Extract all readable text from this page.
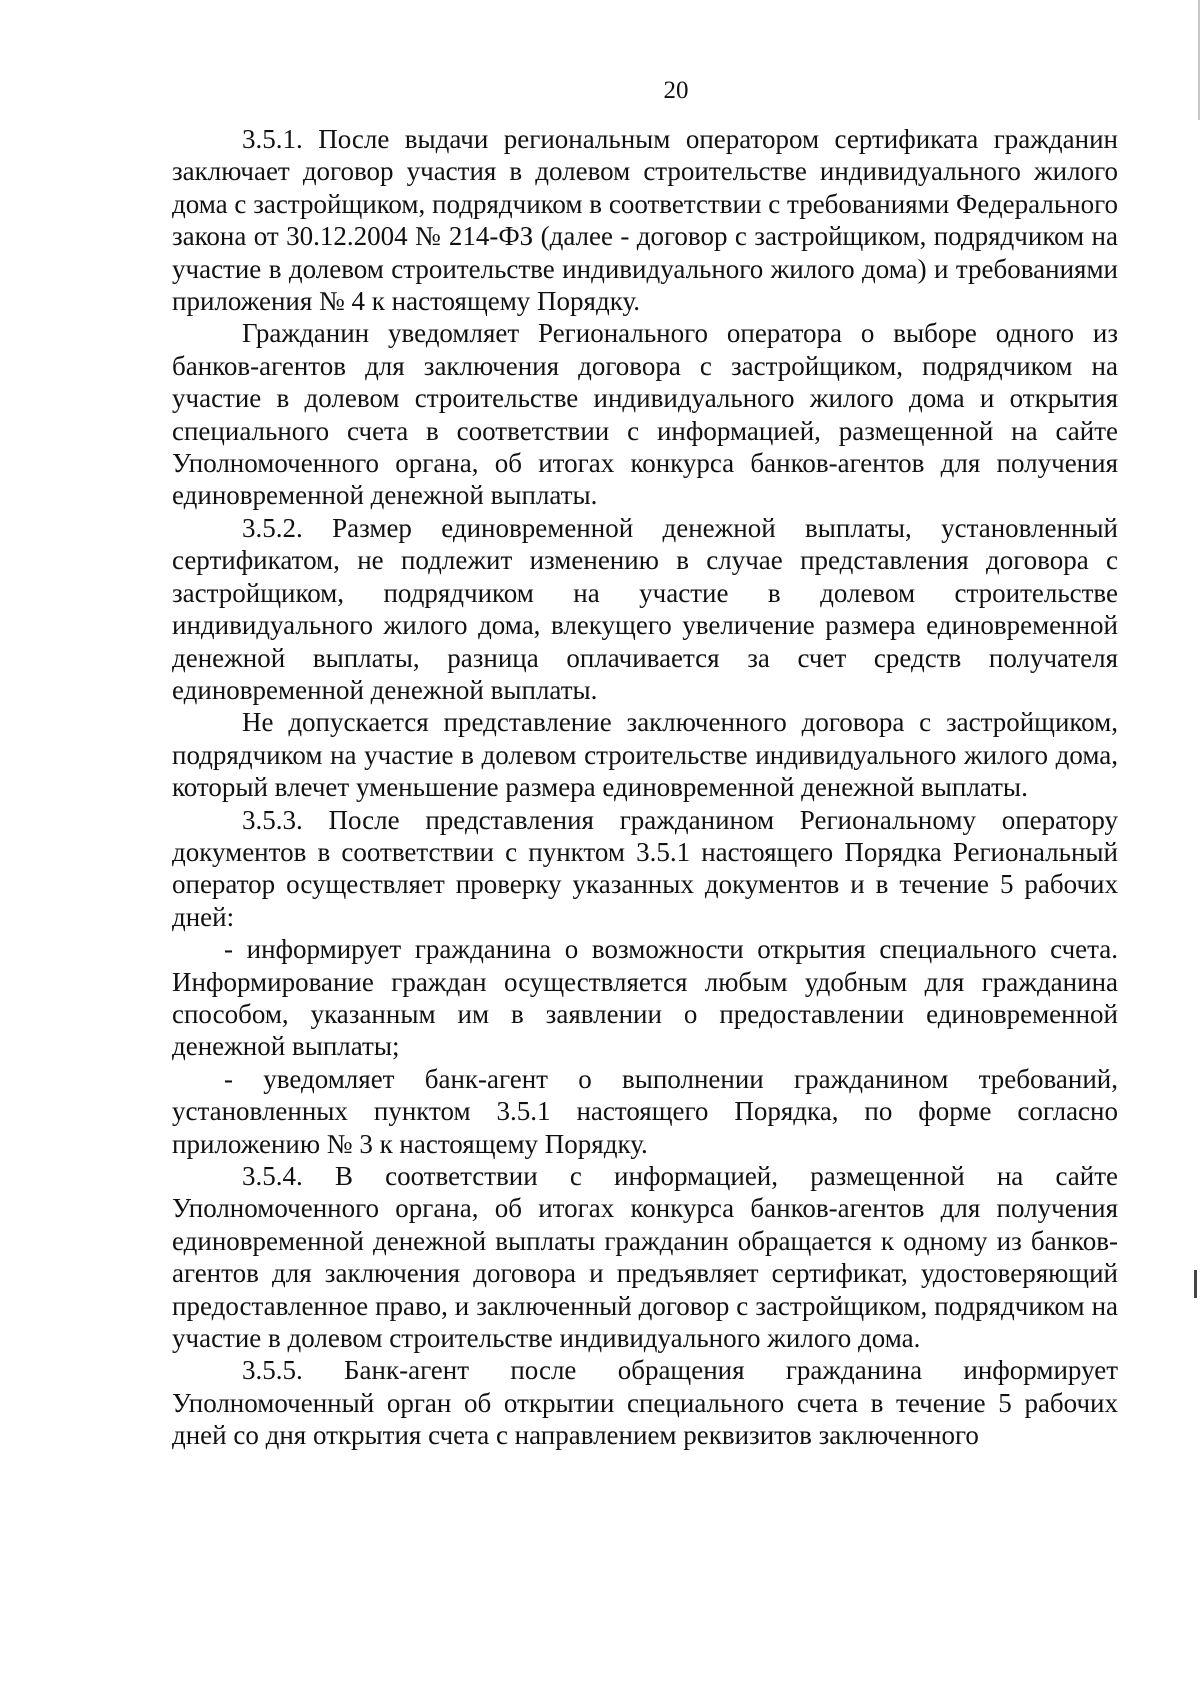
20

3.5.1. После выдачи региональным оператором сертификата гражданин заключает договор участия в долевом строительстве индивидуального жилого дома с застройщиком, подрядчиком в соответствии с требованиями Федерального закона от 30.12.2004 № 214-ФЗ (далее - договор с застройщиком, подрядчиком на участие в долевом строительстве индивидуального жилого дома) и требованиями приложения № 4 к настоящему Порядку.

Гражданин уведомляет Регионального оператора о выборе одного из банков-агентов для заключения договора с застройщиком, подрядчиком на участие в долевом строительстве индивидуального жилого дома и открытия специального счета в соответствии с информацией, размещенной на сайте Уполномоченного органа, об итогах конкурса банков-агентов для получения единовременной денежной выплаты.

3.5.2. Размер единовременной денежной выплаты, установленный сертификатом, не подлежит изменению в случае представления договора с застройщиком, подрядчиком на участие в долевом строительстве индивидуального жилого дома, влекущего увеличение размера единовременной денежной выплаты, разница оплачивается за счет средств получателя единовременной денежной выплаты.

Не допускается представление заключенного договора с застройщиком, подрядчиком на участие в долевом строительстве индивидуального жилого дома, который влечет уменьшение размера единовременной денежной выплаты.

3.5.3. После представления гражданином Региональному оператору документов в соответствии с пунктом 3.5.1 настоящего Порядка Региональный оператор осуществляет проверку указанных документов и в течение 5 рабочих дней:

- информирует гражданина о возможности открытия специального счета. Информирование граждан осуществляется любым удобным для гражданина способом, указанным им в заявлении о предоставлении единовременной денежной выплаты;

- уведомляет банк-агент о выполнении гражданином требований, установленных пунктом 3.5.1 настоящего Порядка, по форме согласно приложению № 3 к настоящему Порядку.

3.5.4. В соответствии с информацией, размещенной на сайте Уполномоченного органа, об итогах конкурса банков-агентов для получения единовременной денежной выплаты гражданин обращается к одному из банков-агентов для заключения договора и предъявляет сертификат, удостоверяющий предоставленное право, и заключенный договор с застройщиком, подрядчиком на участие в долевом строительстве индивидуального жилого дома.

3.5.5. Банк-агент после обращения гражданина информирует Уполномоченный орган об открытии специального счета в течение 5 рабочих дней со дня открытия счета с направлением реквизитов заключенного
